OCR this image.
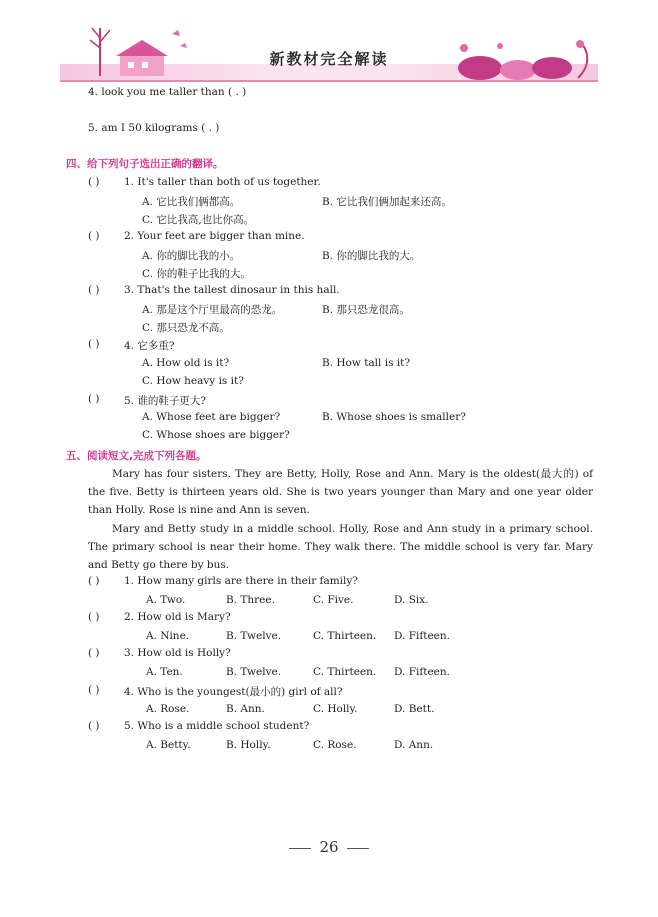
新教材完全解读
4. look you me taller than ( . )
5. am I 50 kilograms ( . )
四、给下列句子选出正确的翻译。
( ) 1. It's taller than both of us together.
A. 它比我们俩都高。	B. 它比我们俩加起来还高。
C. 它比我高,也比你高。
( ) 2. Your feet are bigger than mine.
A. 你的脚比我的小。	B. 你的脚比我的大。
C. 你的鞋子比我的大。
( ) 3. That's the tallest dinosaur in this hall.
A. 那是这个厅里最高的恐龙。	B. 那只恐龙很高。
C. 那只恐龙不高。
( ) 4. 它多重?
A. How old is it?	B. How tall is it?
C. How heavy is it?
( ) 5. 谁的鞋子更大?
A. Whose feet are bigger?	B. Whose shoes is smaller?
C. Whose shoes are bigger?
五、阅读短文,完成下列各题。
Mary has four sisters. They are Betty, Holly, Rose and Ann. Mary is the oldest(最大的) of the five. Betty is thirteen years old. She is two years younger than Mary and one year older than Holly. Rose is nine and Ann is seven.
Mary and Betty study in a middle school. Holly, Rose and Ann study in a primary school. The primary school is near their home. They walk there. The middle school is very far. Mary and Betty go there by bus.
( ) 1. How many girls are there in their family?
A. Two.	B. Three.	C. Five.	D. Six.
( ) 2. How old is Mary?
A. Nine.	B. Twelve.	C. Thirteen. D. Fifteen.
( ) 3. How old is Holly?
A. Ten.	B. Twelve.	C. Thirteen. D. Fifteen.
( ) 4. Who is the youngest(最小的) girl of all?
A. Rose.	B. Ann.	C. Holly.	D. Bett.
( ) 5. Who is a middle school student?
A. Betty.	B. Holly.	C. Rose.	D. Ann.
26
